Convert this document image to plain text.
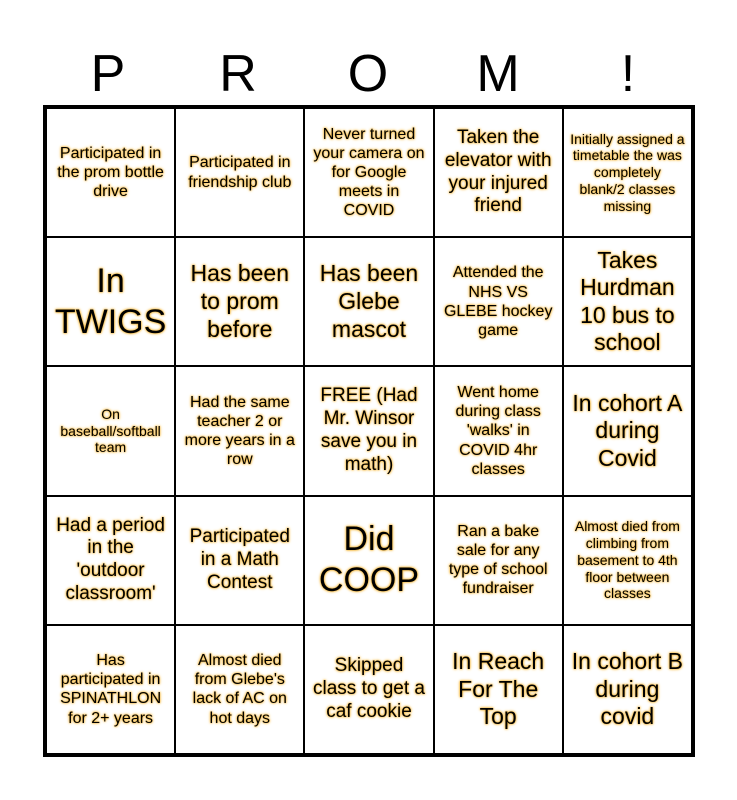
P	R	O	M	!
Participated in the prom bottle drive
Participated in friendship club
Never turned your camera on for Google meets in COVID
Taken the elevator with your injured friend
Initially assigned a timetable the was completely blank/2 classes missing
In TWIGS
Has been to prom before
Has been Glebe mascot
Attended the NHS VS GLEBE hockey game
Takes Hurdman 10 bus to school
On baseball/softball team
Had the same teacher 2 or more years in a row
FREE (Had Mr. Winsor save you in math)
Went home during class 'walks' in COVID 4hr classes
In cohort A during Covid
Had a period in the 'outdoor classroom'
Participated in a Math Contest
Did COOP
Ran a bake sale for any type of school fundraiser
Almost died from climbing from basement to 4th floor between classes
Has participated in SPINATHLON for 2+ years
Almost died from Glebe's lack of AC on hot days
Skipped class to get a caf cookie
In Reach For The Top
In cohort B during covid
